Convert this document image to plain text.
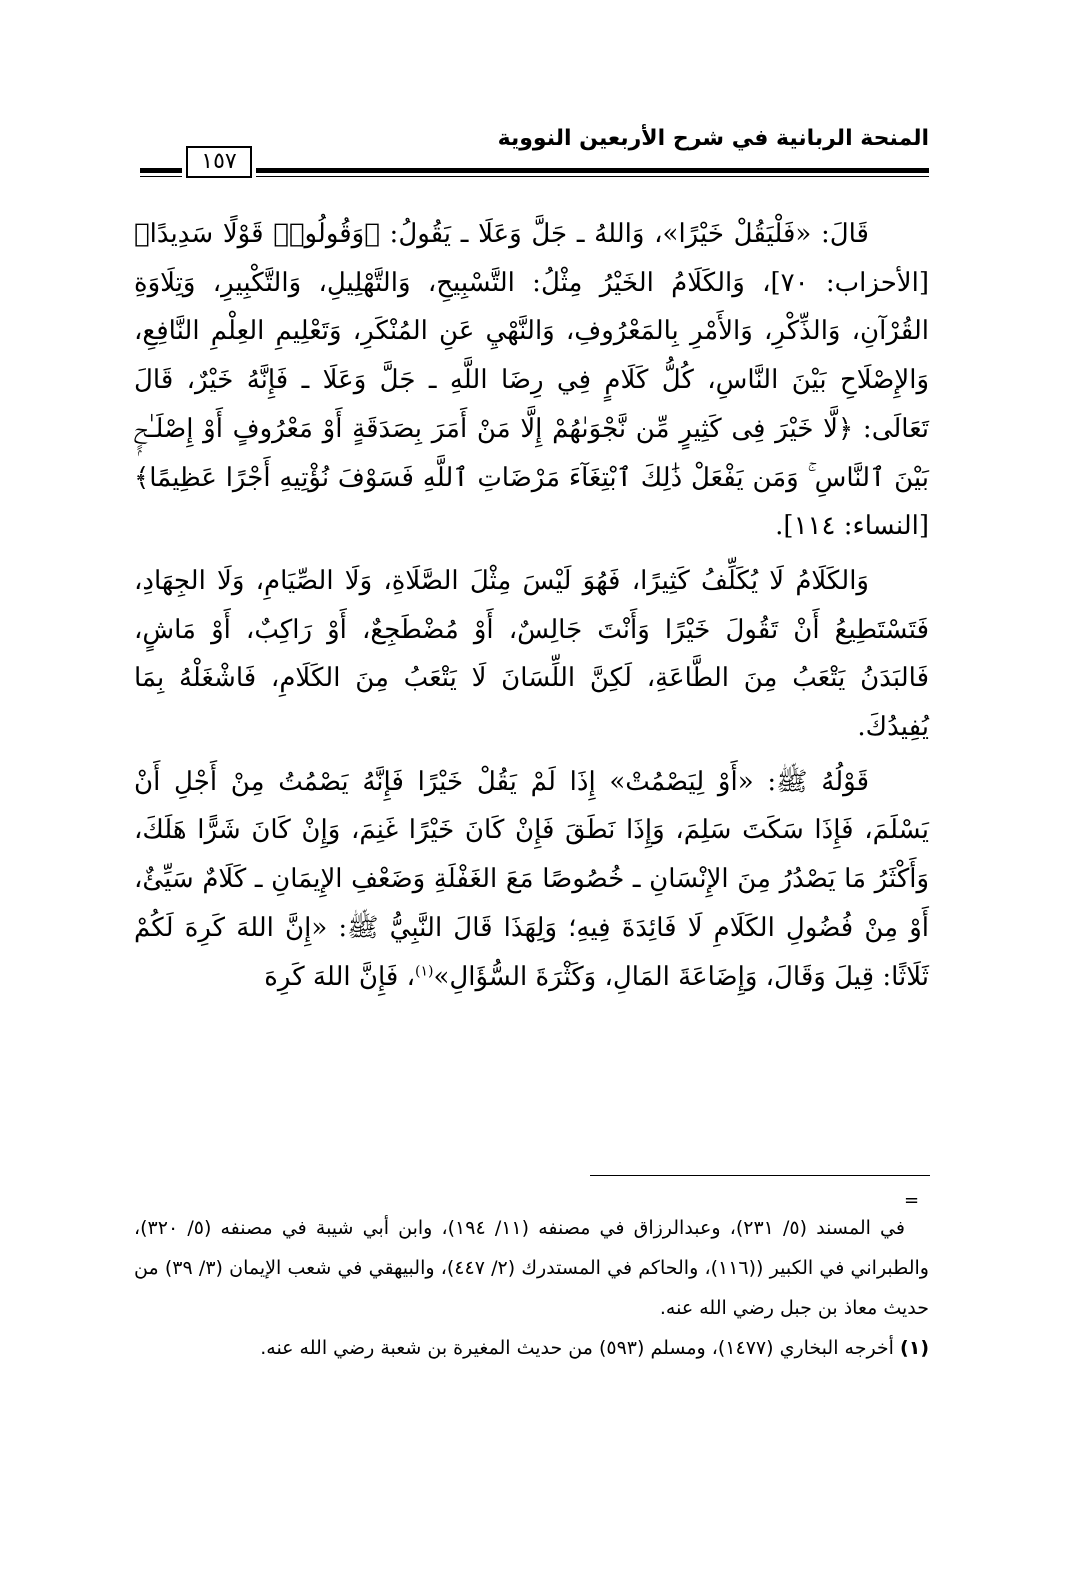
المنحة الربانية في شرح الأربعين النووية
١٥٧

قَالَ: «فَلْيَقُلْ خَيْرًا»، وَاللهُ ـ جَلَّ وَعَلَا ـ يَقُولُ: ﴿وَقُولُوا۟ قَوْلًا سَدِيدًا﴾ [الأحزاب: ٧٠]، وَالكَلَامُ الخَيْرُ مِثْلُ: التَّسْبِيحِ، وَالتَّهْلِيلِ، وَالتَّكْبِيرِ، وَتِلَاوَةِ القُرْآنِ، وَالذِّكْرِ، وَالأَمْرِ بِالمَعْرُوفِ، وَالنَّهْيِ عَنِ المُنْكَرِ، وَتَعْلِيمِ العِلْمِ النَّافِعِ، وَالإِصْلَاحِ بَيْنَ النَّاسِ، كُلُّ كَلَامٍ فِي رِضَا اللَّهِ ـ جَلَّ وَعَلَا ـ فَإِنَّهُ خَيْرٌ، قَالَ تَعَالَى: ﴿لَّا خَيْرَ فِى كَثِيرٍ مِّن نَّجْوَىٰهُمْ إِلَّا مَنْ أَمَرَ بِصَدَقَةٍ أَوْ مَعْرُوفٍ أَوْ إِصْلَـٰحٍۭ بَيْنَ ٱلنَّاسِ ۚ وَمَن يَفْعَلْ ذَٰلِكَ ٱبْتِغَآءَ مَرْضَاتِ ٱللَّهِ فَسَوْفَ نُؤْتِيهِ أَجْرًا عَظِيمًا﴾ [النساء: ١١٤].

وَالكَلَامُ لَا يُكَلِّفُ كَثِيرًا، فَهُوَ لَيْسَ مِثْلَ الصَّلَاةِ، وَلَا الصِّيَامِ، وَلَا الجِهَادِ، فَتَسْتَطِيعُ أَنْ تَقُولَ خَيْرًا وَأَنْتَ جَالِسٌ، أَوْ مُضْطَجِعٌ، أَوْ رَاكِبٌ، أَوْ مَاشٍ، فَالبَدَنُ يَتْعَبُ مِنَ الطَّاعَةِ، لَكِنَّ اللِّسَانَ لَا يَتْعَبُ مِنَ الكَلَامِ، فَاشْغَلْهُ بِمَا يُفِيدُكَ.

قَوْلُهُ ﷺ: «أَوْ لِيَصْمُتْ» إِذَا لَمْ يَقُلْ خَيْرًا فَإِنَّهُ يَصْمُتُ مِنْ أَجْلِ أَنْ يَسْلَمَ، فَإِذَا سَكَتَ سَلِمَ، وَإِذَا نَطَقَ فَإِنْ كَانَ خَيْرًا غَنِمَ، وَإِنْ كَانَ شَرًّا هَلَكَ، وَأَكْثَرُ مَا يَصْدُرُ مِنَ الإِنْسَانِ ـ خُصُوصًا مَعَ الغَفْلَةِ وَضَعْفِ الإِيمَانِ ـ كَلَامٌ سَيِّئٌ، أَوْ مِنْ فُضُولِ الكَلَامِ لَا فَائِدَةَ فِيهِ؛ وَلِهَذَا قَالَ النَّبِيُّ ﷺ: «إِنَّ اللهَ كَرِهَ لَكُمْ ثَلَاثًا: قِيلَ وَقَالَ، وَإِضَاعَةَ المَالِ، وَكَثْرَةَ السُّؤَالِ»$^{(١)}$، فَإِنَّ اللهَ كَرِهَ

=

في المسند (٥/ ٢٣١)، وعبدالرزاق في مصنفه (١١/ ١٩٤)، وابن أبي شيبة في مصنفه (٥/ ٣٢٠)، والطبراني في الكبير ((١١٦)، والحاكم في المستدرك (٢/ ٤٤٧)، والبيهقي في شعب الإيمان (٣/ ٣٩) من حديث معاذ بن جبل رضي الله عنه.

(١) أخرجه البخاري (١٤٧٧)، ومسلم (٥٩٣) من حديث المغيرة بن شعبة رضي الله عنه.
